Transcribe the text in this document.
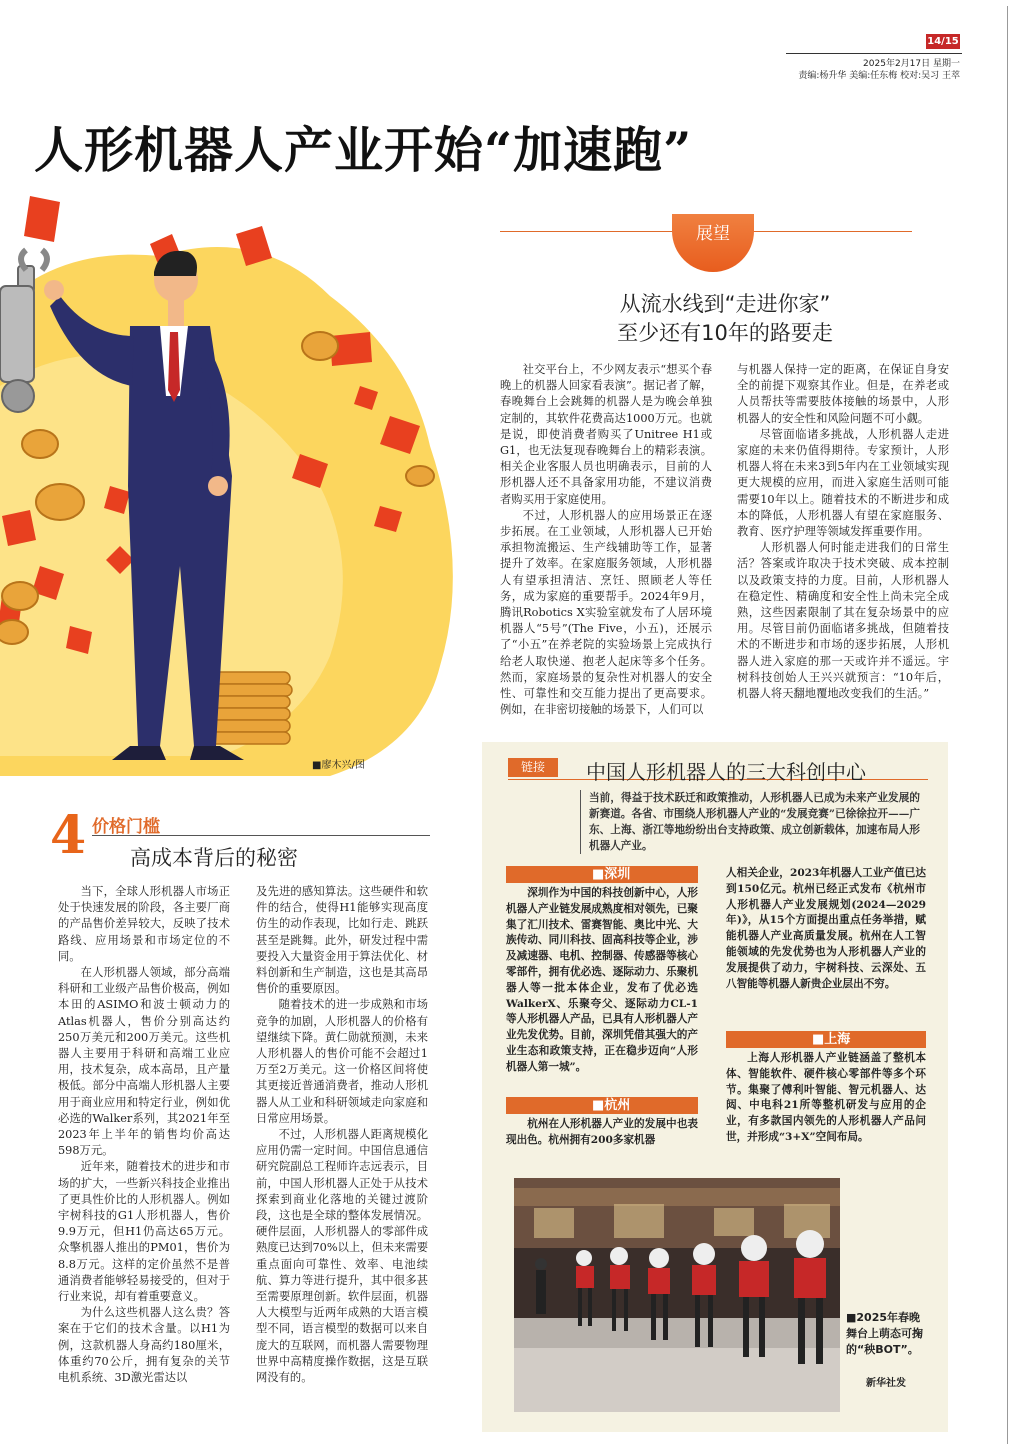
14/15
2025年2月17日 星期一
责编:杨升华 美编:任东梅 校对:吴习 王萃
人形机器人产业开始“加速跑”
■廖木兴/图
展望
从流水线到“走进你家”
至少还有10年的路要走

社交平台上，不少网友表示“想买个春晚上的机器人回家看表演”。据记者了解，春晚舞台上会跳舞的机器人是为晚会单独定制的，其软件花费高达1000万元。也就是说，即使消费者购买了Unitree H1或G1，也无法复现春晚舞台上的精彩表演。相关企业客服人员也明确表示，目前的人形机器人还不具备家用功能，不建议消费者购买用于家庭使用。

不过，人形机器人的应用场景正在逐步拓展。在工业领域，人形机器人已开始承担物流搬运、生产线辅助等工作，显著提升了效率。在家庭服务领域，人形机器人有望承担清洁、烹饪、照顾老人等任务，成为家庭的重要帮手。2024年9月，腾讯Robotics X实验室就发布了人居环境机器人“5号”(The Five，小五)，还展示了“小五”在养老院的实验场景上完成执行给老人取快递、抱老人起床等多个任务。然而，家庭场景的复杂性对机器人的安全性、可靠性和交互能力提出了更高要求。例如，在非密切接触的场景下，人们可以

与机器人保持一定的距离，在保证自身安全的前提下观察其作业。但是，在养老或人员帮扶等需要肢体接触的场景中，人形机器人的安全性和风险问题不可小觑。

尽管面临诸多挑战，人形机器人走进家庭的未来仍值得期待。专家预计，人形机器人将在未来3到5年内在工业领域实现更大规模的应用，而进入家庭生活则可能需要10年以上。随着技术的不断进步和成本的降低，人形机器人有望在家庭服务、教育、医疗护理等领域发挥重要作用。

人形机器人何时能走进我们的日常生活？答案或许取决于技术突破、成本控制以及政策支持的力度。目前，人形机器人在稳定性、精确度和安全性上尚未完全成熟，这些因素限制了其在复杂场景中的应用。尽管目前仍面临诸多挑战，但随着技术的不断进步和市场的逐步拓展，人形机器人进入家庭的那一天或许并不遥远。宇树科技创始人王兴兴就预言：“10年后，机器人将天翻地覆地改变我们的生活。”

4 价格门槛
高成本背后的秘密

当下，全球人形机器人市场正处于快速发展的阶段，各主要厂商的产品售价差异较大，反映了技术路线、应用场景和市场定位的不同。

在人形机器人领域，部分高端科研和工业级产品售价极高，例如本田的ASIMO和波士顿动力的Atlas机器人，售价分别高达约250万美元和200万美元。这些机器人主要用于科研和高端工业应用，技术复杂，成本高昂，且产量极低。部分中高端人形机器人主要用于商业应用和特定行业，例如优必选的Walker系列，其2021年至2023年上半年的销售均价高达598万元。

近年来，随着技术的进步和市场的扩大，一些新兴科技企业推出了更具性价比的人形机器人。例如宇树科技的G1人形机器人，售价9.9万元，但H1仍高达65万元。众擎机器人推出的PM01，售价为8.8万元。这样的定价虽然不是普通消费者能够轻易接受的，但对于行业来说，却有着重要意义。

为什么这些机器人这么贵？答案在于它们的技术含量。以H1为例，这款机器人身高约180厘米，体重约70公斤，拥有复杂的关节电机系统、3D激光雷达以

及先进的感知算法。这些硬件和软件的结合，使得H1能够实现高度仿生的动作表现，比如行走、跳跃甚至是跳舞。此外，研发过程中需要投入大量资金用于算法优化、材料创新和生产制造，这也是其高昂售价的重要原因。

随着技术的进一步成熟和市场竞争的加剧，人形机器人的价格有望继续下降。黄仁勋就预测，未来人形机器人的售价可能不会超过1万至2万美元。这一价格区间将使其更接近普通消费者，推动人形机器人从工业和科研领域走向家庭和日常应用场景。

不过，人形机器人距离规模化应用仍需一定时间。中国信息通信研究院副总工程师许志远表示，目前，中国人形机器人正处于从技术探索到商业化落地的关键过渡阶段，这也是全球的整体发展情况。硬件层面，人形机器人的零部件成熟度已达到70%以上，但未来需要重点面向可靠性、效率、电池续航、算力等进行提升，其中很多甚至需要原理创新。软件层面，机器人大模型与近两年成熟的大语言模型不同，语言模型的数据可以来自庞大的互联网，而机器人需要物理世界中高精度操作数据，这是互联网没有的。

链接	中国人形机器人的三大科创中心
当前，得益于技术跃迁和政策推动，人形机器人已成为未来产业发展的新赛道。各省、市围绕人形机器人产业的“发展竞赛”已徐徐拉开——广东、上海、浙江等地纷纷出台支持政策、成立创新载体，加速布局人形机器人产业。
■深圳

深圳作为中国的科技创新中心，人形机器人产业链发展成熟度相对领先，已聚集了汇川技术、雷赛智能、奥比中光、大族传动、同川科技、固高科技等企业，涉及减速器、电机、控制器、传感器等核心零部件，拥有优必选、逐际动力、乐聚机器人等一批本体企业，发布了优必选WalkerX、乐聚夸父、逐际动力CL-1等人形机器人产品，已具有人形机器人产业先发优势。目前，深圳凭借其强大的产业生态和政策支持，正在稳步迈向“人形机器人第一城”。

■杭州

杭州在人形机器人产业的发展中也表现出色。杭州拥有200多家机器

人相关企业，2023年机器人工业产值已达到150亿元。杭州已经正式发布《杭州市人形机器人产业发展规划(2024—2029年)》，从15个方面提出重点任务举措，赋能机器人产业高质量发展。杭州在人工智能领域的先发优势也为人形机器人产业的发展提供了动力，宇树科技、云深处、五八智能等机器人新贵企业层出不穷。

■上海

上海人形机器人产业链涵盖了整机本体、智能软件、硬件核心零部件等多个环节。集聚了傅利叶智能、智元机器人、达闼、中电科21所等整机研发与应用的企业，有多款国内领先的人形机器人产品问世，并形成“3+X”空间布局。

■2025年春晚舞台上萌态可掬的“秧BOT”。
新华社发
